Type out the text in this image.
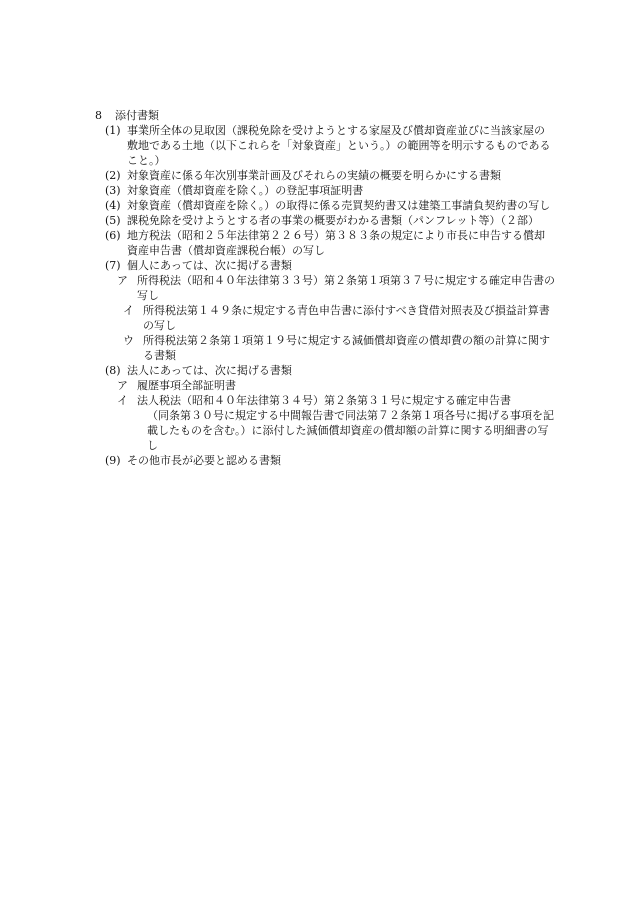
8	添付書類
(1) 事業所全体の見取図（課税免除を受けようとする家屋及び償却資産並びに当該家屋の敷地である土地（以下これらを「対象資産」という。）の範囲等を明示するものであること。）
(2) 対象資産に係る年次別事業計画及びそれらの実績の概要を明らかにする書類
(3) 対象資産（償却資産を除く。）の登記事項証明書
(4) 対象資産（償却資産を除く。）の取得に係る売買契約書又は建築工事請負契約書の写し
(5) 課税免除を受けようとする者の事業の概要がわかる書類（パンフレット等）（２部）
(6) 地方税法（昭和２５年法律第２２６号）第３８３条の規定により市長に申告する償却資産申告書（償却資産課税台帳）の写し
(7) 個人にあっては、次に掲げる書類
ア 所得税法（昭和４０年法律第３３号）第２条第１項第３７号に規定する確定申告書の写し
イ 所得税法第１４９条に規定する青色申告書に添付すべき貸借対照表及び損益計算書の写し
ウ 所得税法第２条第１項第１９号に規定する減価償却資産の償却費の額の計算に関する書類
(8) 法人にあっては、次に掲げる書類
ア 履歴事項全部証明書
イ 法人税法（昭和４０年法律第３４号）第２条第３１号に規定する確定申告書
（同条第３０号に規定する中間報告書で同法第７２条第１項各号に掲げる事項を記載したものを含む。）に添付した減価償却資産の償却額の計算に関する明細書の写し
(9) その他市長が必要と認める書類
